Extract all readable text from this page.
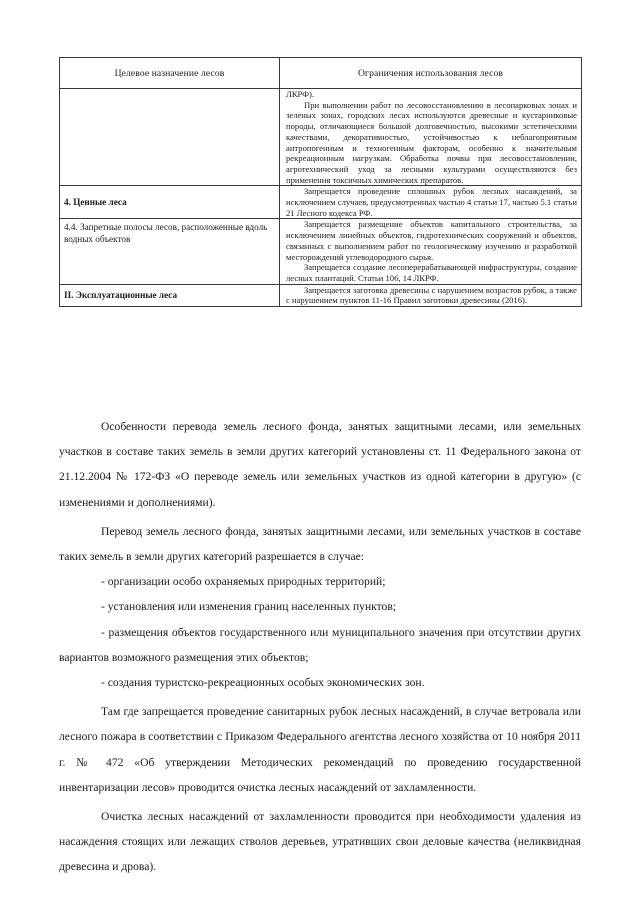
Целевое назначение лесов	Ограничения использования лесов

	ЛКРФ).

При выполнении работ по лесовосстановлению в лесопарковых зонах и зеленых зонах, городских лесах используются древесные и кустарниковые породы, отличающиеся большой долговечностью, высокими эстетическими качествами, декоративностью, устойчивостью к неблагоприятным антропогенным и техногенным факторам, особенно к значительным рекреационным нагрузкам. Обработка почвы при лесовосстановлении, агротехнический уход за лесными культурами осуществляются без применения токсичных химических препаратов.

4. Ценные леса	Запрещается проведение сплошных рубок лесных насаждений, за исключением случаев, предусмотренных частью 4 статьи 17, частью 5.1 статьи 21 Лесного кодекса РФ.

4.4. Запретные полосы лесов, расположенные вдоль водных объектов	Запрещается размещение объектов капитального строительства, за исключением линейных объектов, гидротехнических сооружений и объектов, связанных с выполнением работ по геологическому изучению и разработкой месторождений углеводородного сырья.

Запрещается создание лесоперерабатывающей инфраструктуры, создание лесных плантаций. Статьи 106, 14 ЛКРФ.

II. Эксплуатационные леса	Запрещается заготовка древесины с нарушением возрастов рубок, а также с нарушением пунктов 11-16 Правил заготовки древесины (2016).

Особенности перевода земель лесного фонда, занятых защитными лесами, или земельных участков в составе таких земель в земли других категорий установлены ст. 11 Федерального закона от 21.12.2004 № 172-ФЗ «О переводе земель или земельных участков из одной категории в другую» (с изменениями и дополнениями).

Перевод земель лесного фонда, занятых защитными лесами, или земельных участков в составе таких земель в земли других категорий разрешается в случае:

- организации особо охраняемых природных территорий;

- установления или изменения границ населенных пунктов;

- размещения объектов государственного или муниципального значения при отсутствии других вариантов возможного размещения этих объектов;

- создания туристско-рекреационных особых экономических зон.

Там где запрещается проведение санитарных рубок лесных насаждений, в случае ветровала или лесного пожара в соответствии с Приказом Федерального агентства лесного хозяйства от 10 ноября 2011 г. № 472 «Об утверждении Методических рекомендаций по проведению государственной инвентаризации лесов» проводится очистка лесных насаждений от захламленности.

Очистка лесных насаждений от захламленности проводится при необходимости удаления из насаждения стоящих или лежащих стволов деревьев, утративших свои деловые качества (неликвидная древесина и дрова).
